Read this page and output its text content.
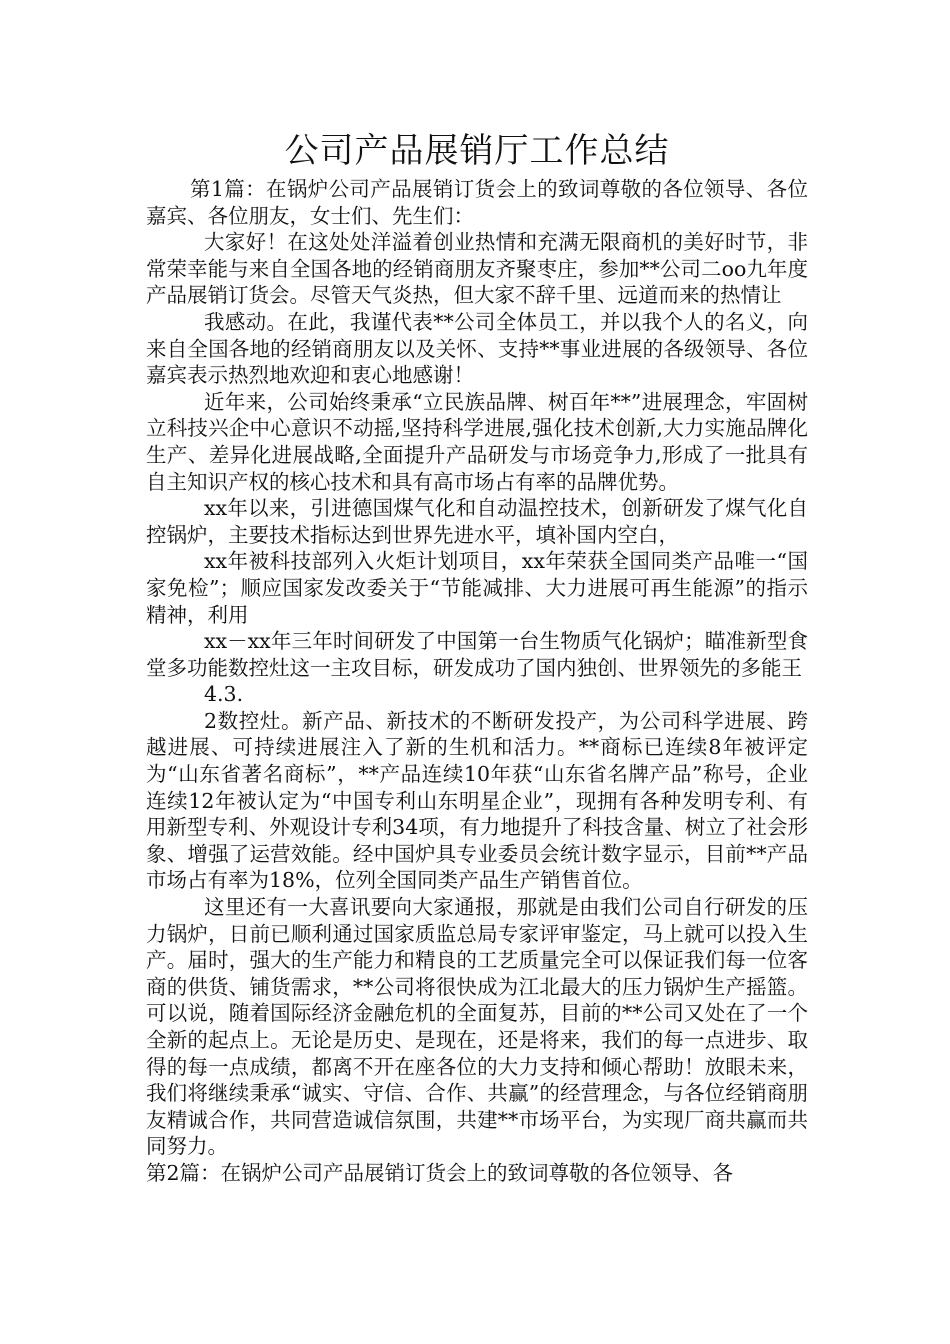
公司产品展销厅工作总结

第1篇：在锅炉公司产品展销订货会上的致词尊敬的各位领导、各位嘉宾、各位朋友，女士们、先生们：

大家好！在这处处洋溢着创业热情和充满无限商机的美好时节，非常荣幸能与来自全国各地的经销商朋友齐聚枣庄，参加**公司二oo九年度产品展销订货会。尽管天气炎热，但大家不辞千里、远道而来的热情让

我感动。在此，我谨代表**公司全体员工，并以我个人的名义，向来自全国各地的经销商朋友以及关怀、支持**事业进展的各级领导、各位嘉宾表示热烈地欢迎和衷心地感谢！

近年来，公司始终秉承“立民族品牌、树百年**”进展理念，牢固树立科技兴企中心意识不动摇,坚持科学进展,强化技术创新,大力实施品牌化生产、差异化进展战略,全面提升产品研发与市场竞争力,形成了一批具有自主知识产权的核心技术和具有高市场占有率的品牌优势。

xx年以来，引进德国煤气化和自动温控技术，创新研发了煤气化自控锅炉，主要技术指标达到世界先进水平，填补国内空白，

xx年被科技部列入火炬计划项目，xx年荣获全国同类产品唯一“国家免检”；顺应国家发改委关于“节能减排、大力进展可再生能源”的指示精神，利用

xx－xx年三年时间研发了中国第一台生物质气化锅炉；瞄准新型食堂多功能数控灶这一主攻目标，研发成功了国内独创、世界领先的多能王

4.3.

2数控灶。新产品、新技术的不断研发投产，为公司科学进展、跨越进展、可持续进展注入了新的生机和活力。**商标已连续8年被评定为“山东省著名商标”，**产品连续10年获“山东省名牌产品”称号，企业连续12年被认定为“中国专利山东明星企业”，现拥有各种发明专利、有用新型专利、外观设计专利34项，有力地提升了科技含量、树立了社会形象、增强了运营效能。经中国炉具专业委员会统计数字显示，目前**产品市场占有率为18%，位列全国同类产品生产销售首位。

这里还有一大喜讯要向大家通报，那就是由我们公司自行研发的压力锅炉，日前已顺利通过国家质监总局专家评审鉴定，马上就可以投入生产。届时，强大的生产能力和精良的工艺质量完全可以保证我们每一位客商的供货、铺货需求，**公司将很快成为江北最大的压力锅炉生产摇篮。可以说，随着国际经济金融危机的全面复苏，目前的**公司又处在了一个全新的起点上。无论是历史、是现在，还是将来，我们的每一点进步、取得的每一点成绩，都离不开在座各位的大力支持和倾心帮助！放眼未来，我们将继续秉承“诚实、守信、合作、共赢”的经营理念，与各位经销商朋友精诚合作，共同营造诚信氛围，共建**市场平台，为实现厂商共赢而共同努力。

第2篇：在锅炉公司产品展销订货会上的致词尊敬的各位领导、各
